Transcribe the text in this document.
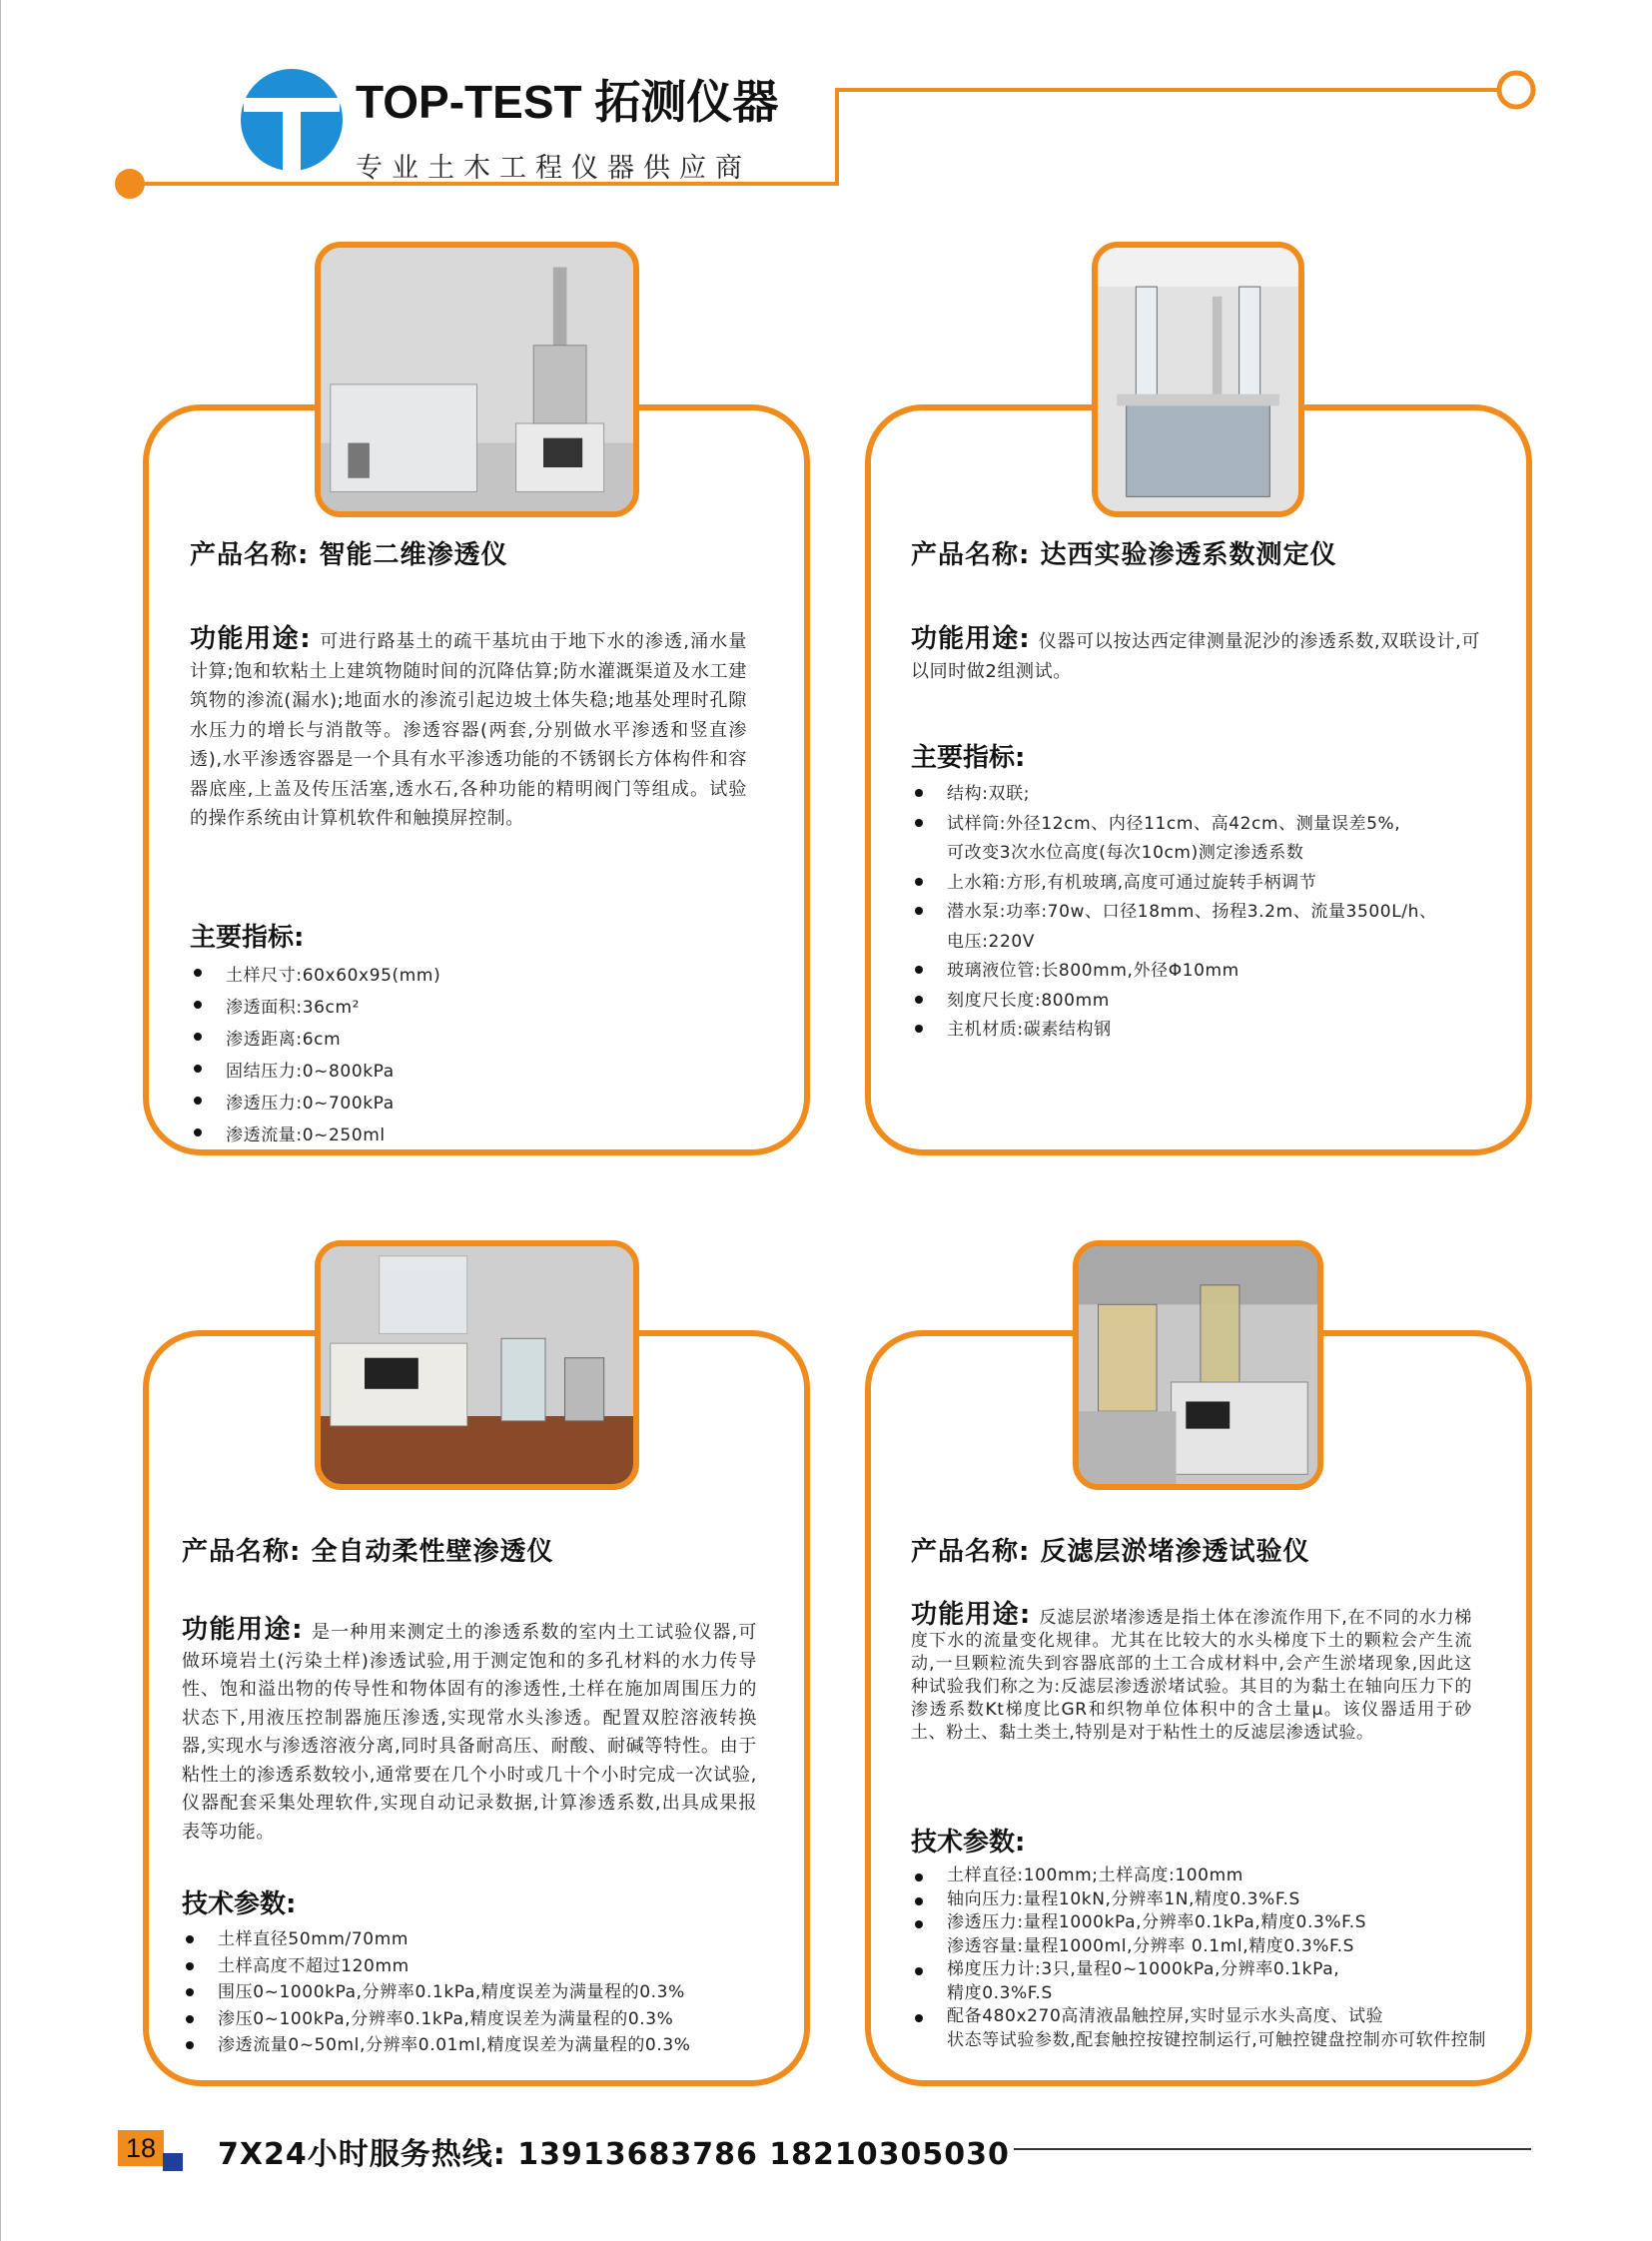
TOP-TEST 拓测仪器
专业土木工程仪器供应商
产品名称: 智能二维渗透仪
功能用途: 可进行路基土的疏干基坑由于地下水的渗透,涌水量计算;饱和软粘土上建筑物随时间的沉降估算;防水灌溉渠道及水工建筑物的渗流(漏水);地面水的渗流引起边坡土体失稳;地基处理时孔隙水压力的增长与消散等。渗透容器(两套,分别做水平渗透和竖直渗透),水平渗透容器是一个具有水平渗透功能的不锈钢长方体构件和容器底座,上盖及传压活塞,透水石,各种功能的精明阀门等组成。试验的操作系统由计算机软件和触摸屏控制。
主要指标:
土样尺寸:60x60x95(mm)
渗透面积:36cm²
渗透距离:6cm
固结压力:0~800kPa
渗透压力:0~700kPa
渗透流量:0~250ml
产品名称: 达西实验渗透系数测定仪
功能用途: 仪器可以按达西定律测量泥沙的渗透系数,双联设计,可以同时做2组测试。
主要指标:
结构:双联;
试样筒:外径12cm、内径11cm、高42cm、测量误差5%,
可改变3次水位高度(每次10cm)测定渗透系数
上水箱:方形,有机玻璃,高度可通过旋转手柄调节
潜水泵:功率:70w、口径18mm、扬程3.2m、流量3500L/h、
电压:220V
玻璃液位管:长800mm,外径Φ10mm
刻度尺长度:800mm
主机材质:碳素结构钢
产品名称: 全自动柔性壁渗透仪
功能用途: 是一种用来测定土的渗透系数的室内土工试验仪器,可做环境岩土(污染土样)渗透试验,用于测定饱和的多孔材料的水力传导性、饱和溢出物的传导性和物体固有的渗透性,土样在施加周围压力的状态下,用液压控制器施压渗透,实现常水头渗透。配置双腔溶液转换器,实现水与渗透溶液分离,同时具备耐高压、耐酸、耐碱等特性。由于粘性土的渗透系数较小,通常要在几个小时或几十个小时完成一次试验,仪器配套采集处理软件,实现自动记录数据,计算渗透系数,出具成果报表等功能。
技术参数:
土样直径50mm/70mm
土样高度不超过120mm
围压0~1000kPa,分辨率0.1kPa,精度误差为满量程的0.3%
渗压0~100kPa,分辨率0.1kPa,精度误差为满量程的0.3%
渗透流量0~50ml,分辨率0.01ml,精度误差为满量程的0.3%
产品名称: 反滤层淤堵渗透试验仪
功能用途: 反滤层淤堵渗透是指土体在渗流作用下,在不同的水力梯度下水的流量变化规律。尤其在比较大的水头梯度下土的颗粒会产生流动,一旦颗粒流失到容器底部的土工合成材料中,会产生淤堵现象,因此这种试验我们称之为:反滤层渗透淤堵试验。其目的为黏土在轴向压力下的渗透系数Kt梯度比GR和织物单位体积中的含土量μ。该仪器适用于砂土、粉土、黏土类土,特别是对于粘性土的反滤层渗透试验。
技术参数:
土样直径:100mm;土样高度:100mm
轴向压力:量程10kN,分辨率1N,精度0.3%F.S
渗透压力:量程1000kPa,分辨率0.1kPa,精度0.3%F.S
渗透容量:量程1000ml,分辨率 0.1ml,精度0.3%F.S
梯度压力计:3只,量程0~1000kPa,分辨率0.1kPa,
精度0.3%F.S
配备480x270高清液晶触控屏,实时显示水头高度、试验
状态等试验参数,配套触控按键控制运行,可触控键盘控制亦可软件控制
18 7X24小时服务热线: 13913683786 18210305030
